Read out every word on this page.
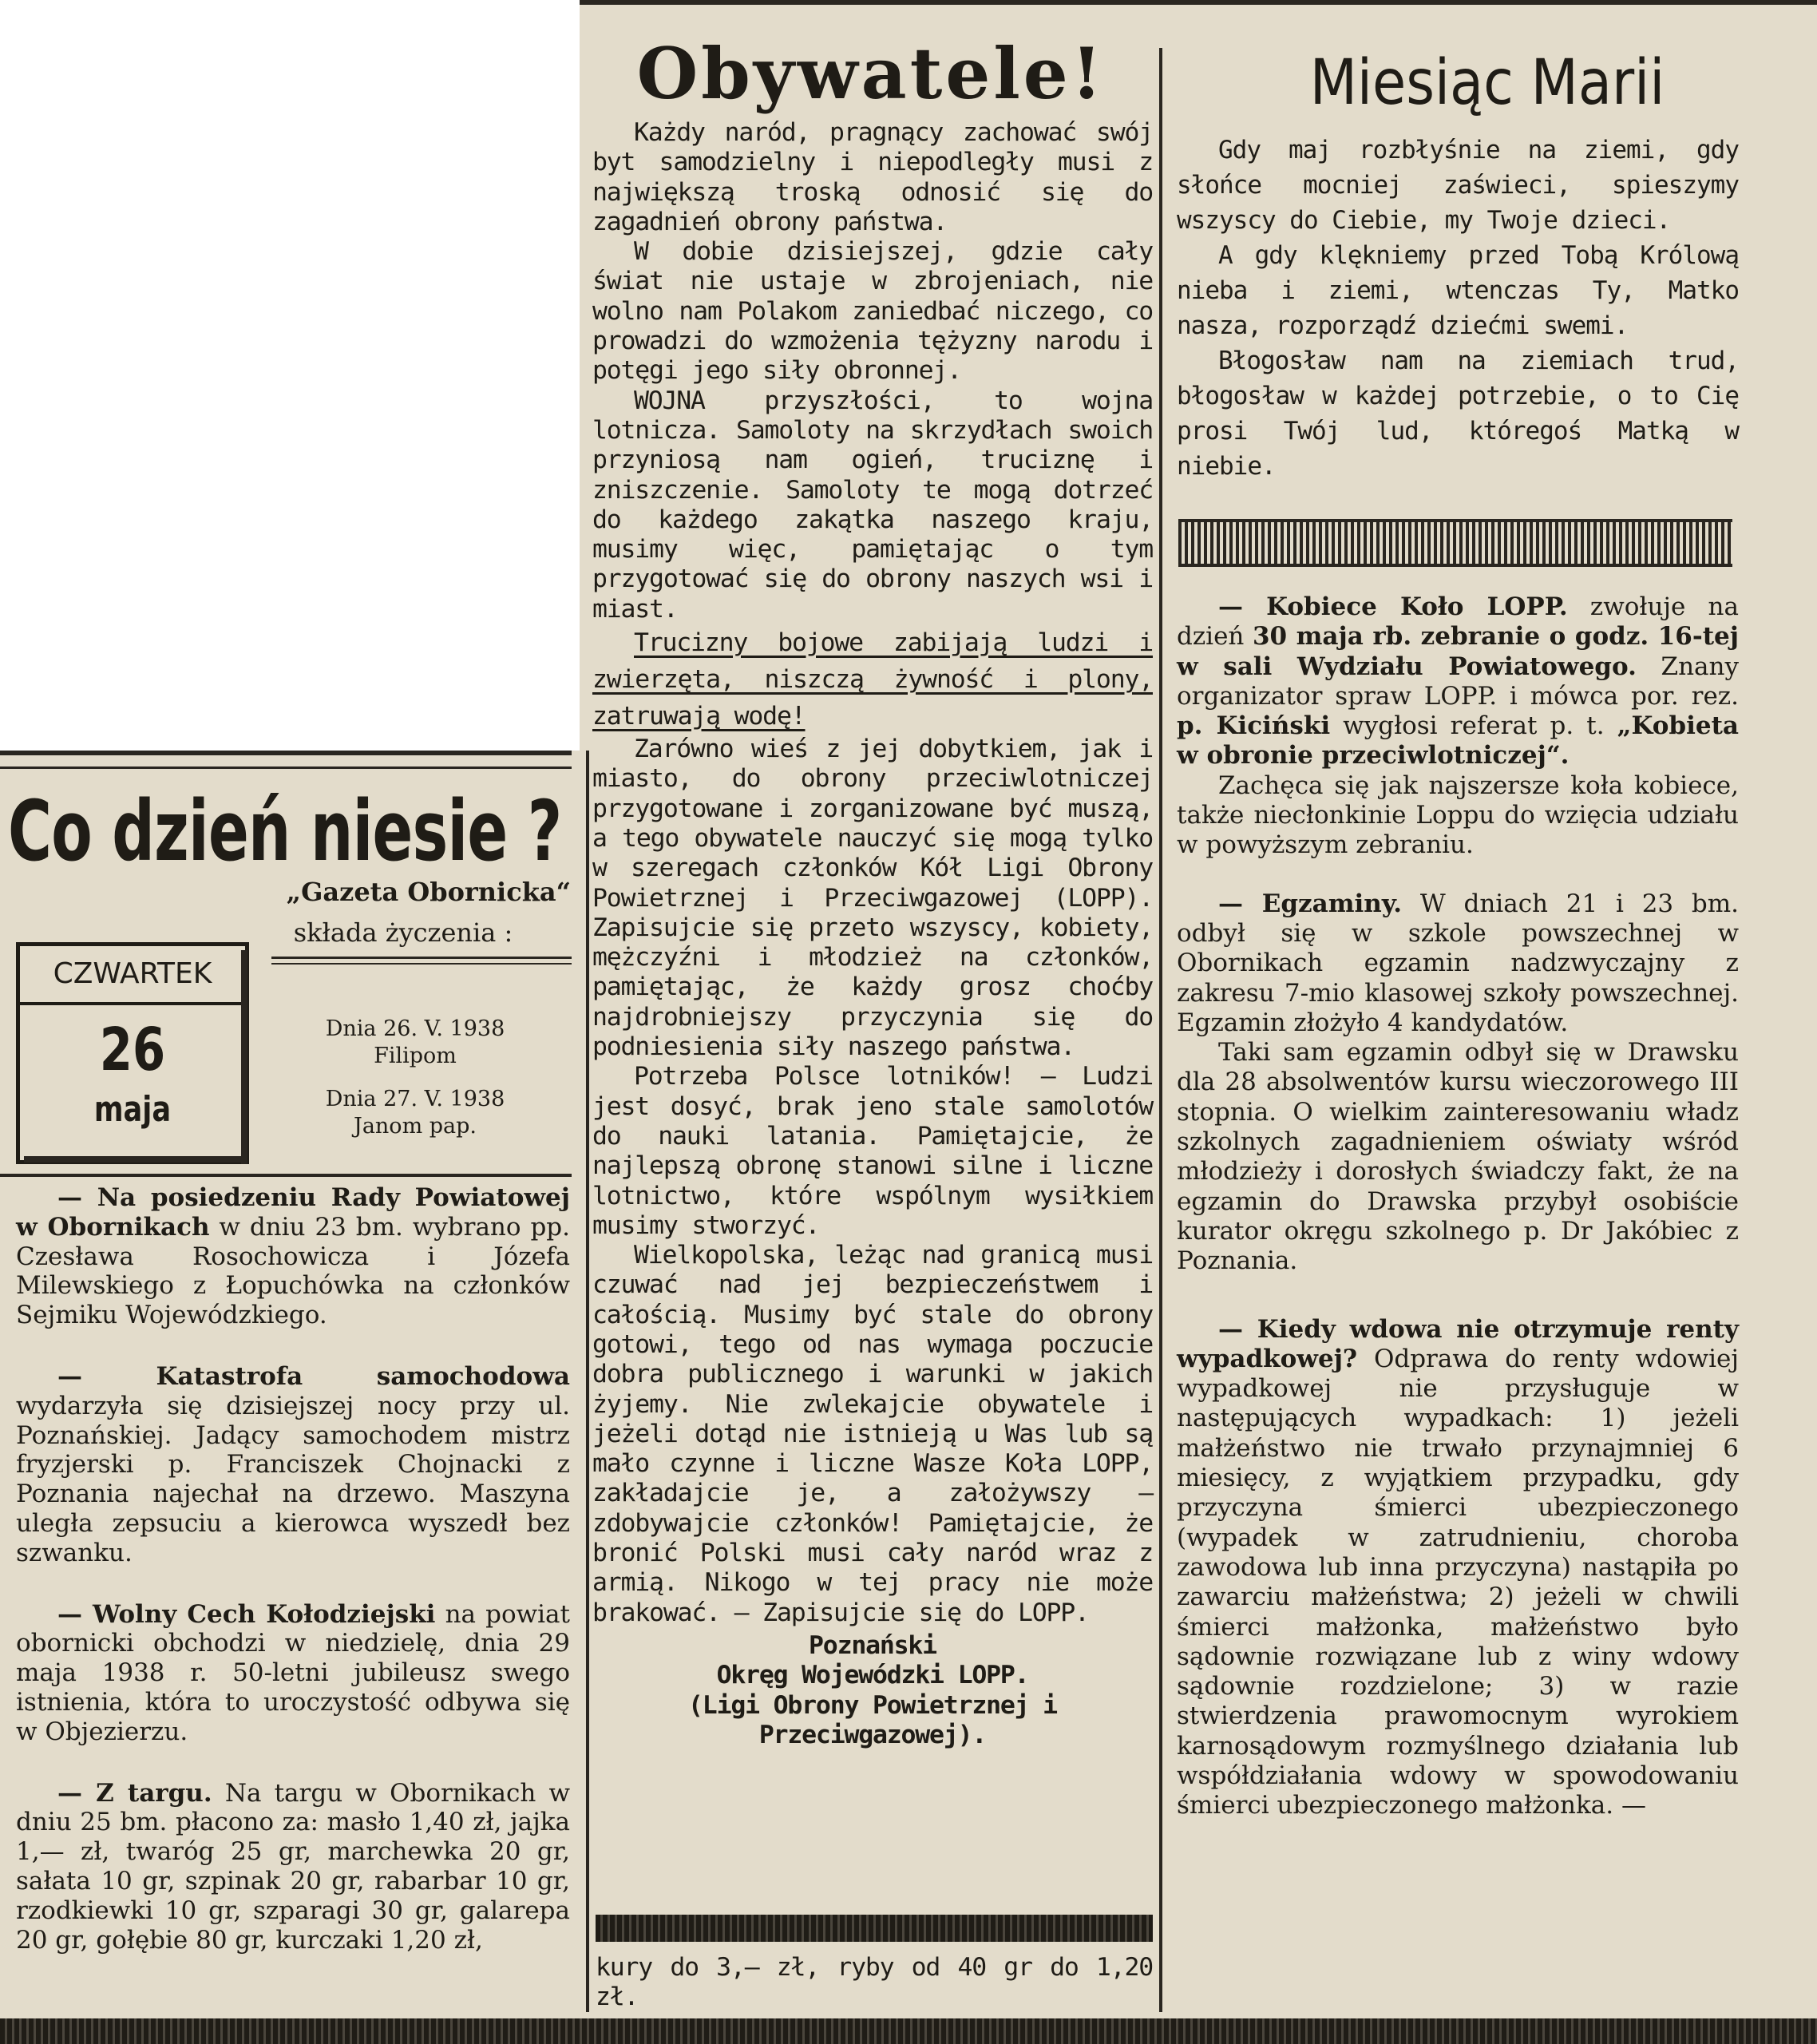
Co dzień niesie ?
„Gazeta Obornicka“
składa życzenia :
CZWARTEK
26
maja
Dnia 26. V. 1938
Filipom
Dnia 27. V. 1938
Janom pap.

— Na posiedzeniu Rady Powiatowej w Obornikach w dniu 23 bm. wybrano pp. Czesława Rosochowicza i Józefa Milewskiego z Łopuchówka na członków Sejmiku Wojewódzkiego.

— Katastrofa samochodowa wydarzyła się dzisiejszej nocy przy ul. Poznańskiej. Jadący samochodem mistrz fryzjerski p. Franciszek Chojnacki z Poznania najechał na drzewo. Maszyna uległa zepsuciu a kierowca wyszedł bez szwanku.

— Wolny Cech Kołodziejski na powiat obornicki obchodzi w niedzielę, dnia 29 maja 1938 r. 50-letni jubileusz swego istnienia, która to uroczystość odbywa się w Objezierzu.

— Z targu. Na targu w Obornikach w dniu 25 bm. płacono za: masło 1,40 zł, jajka 1,— zł, twaróg 25 gr, marchewka 20 gr, sałata 10 gr, szpinak 20 gr, rabarbar 10 gr, rzodkiewki 10 gr, szparagi 30 gr, galarepa 20 gr, gołębie 80 gr, kurczaki 1,20 zł,

Obywatele!

Każdy naród, pragnący zachować swój byt samodzielny i niepodległy musi z największą troską odnosić się do zagadnień obrony państwa.

W dobie dzisiejszej, gdzie cały świat nie ustaje w zbrojeniach, nie wolno nam Polakom zaniedbać niczego, co prowadzi do wzmożenia tężyzny narodu i potęgi jego siły obronnej.

WOJNA przyszłości, to wojna lotnicza. Samoloty na skrzydłach swoich przyniosą nam ogień, truciznę i zniszczenie. Samoloty te mogą dotrzeć do każdego zakątka naszego kraju, musimy więc, pamiętając o tym przygotować się do obrony naszych wsi i miast.

Trucizny bojowe zabijają ludzi i zwierzęta, niszczą żywność i plony, zatruwają wodę!

Zarówno wieś z jej dobytkiem, jak i miasto, do obrony przeciwlotniczej przygotowane i zorganizowane być muszą, a tego obywatele nauczyć się mogą tylko w szeregach członków Kół Ligi Obrony Powietrznej i Przeciwgazowej (LOPP). Zapisujcie się przeto wszyscy, kobiety, mężczyźni i młodzież na członków, pamiętając, że każdy grosz choćby najdrobniejszy przyczynia się do podniesienia siły naszego państwa.

Potrzeba Polsce lotników! — Ludzi jest dosyć, brak jeno stale samolotów do nauki latania. Pamiętajcie, że najlepszą obronę stanowi silne i liczne lotnictwo, które wspólnym wysiłkiem musimy stworzyć.

Wielkopolska, leżąc nad granicą musi czuwać nad jej bezpieczeństwem i całością. Musimy być stale do obrony gotowi, tego od nas wymaga poczucie dobra publicznego i warunki w jakich żyjemy. Nie zwlekajcie obywatele i jeżeli dotąd nie istnieją u Was lub są mało czynne i liczne Wasze Koła LOPP, zakładajcie je, a założywszy — zdobywajcie członków! Pamiętajcie, że bronić Polski musi cały naród wraz z armią. Nikogo w tej pracy nie może brakować. — Zapisujcie się do LOPP.

Poznański
Okręg Wojewódzki LOPP.
(Ligi Obrony Powietrznej i Przeciwgazowej).

kury do 3,— zł, ryby od 40 gr do 1,20 zł.

Miesiąc Marii

Gdy maj rozbłyśnie na ziemi, gdy słońce mocniej zaświeci, spieszymy wszyscy do Ciebie, my Twoje dzieci.

A gdy klękniemy przed Tobą Królową nieba i ziemi, wtenczas Ty, Matko nasza, rozporządź dziećmi swemi.

Błogosław nam na ziemiach trud, błogosław w każdej potrzebie, o to Cię prosi Twój lud, któregoś Matką w niebie.

— Kobiece Koło LOPP. zwołuje na dzień 30 maja rb. zebranie o godz. 16-tej w sali Wydziału Powiatowego. Znany organizator spraw LOPP. i mówca por. rez. p. Kiciński wygłosi referat p. t. „Kobieta w obronie przeciwlotniczej“.

Zachęca się jak najszersze koła kobiece, także niecłonkinie Loppu do wzięcia udziału w powyższym zebraniu.

— Egzaminy. W dniach 21 i 23 bm. odbył się w szkole powszechnej w Obornikach egzamin nadzwyczajny z zakresu 7-mio klasowej szkoły powszechnej. Egzamin złożyło 4 kandydatów.

Taki sam egzamin odbył się w Drawsku dla 28 absolwentów kursu wieczorowego III stopnia. O wielkim zainteresowaniu władz szkolnych zagadnieniem oświaty wśród młodzieży i dorosłych świadczy fakt, że na egzamin do Drawska przybył osobiście kurator okręgu szkolnego p. Dr Jakóbiec z Poznania.

— Kiedy wdowa nie otrzymuje renty wypadkowej? Odprawa do renty wdowiej wypadkowej nie przysługuje w następujących wypadkach: 1) jeżeli małżeństwo nie trwało przynajmniej 6 miesięcy, z wyjątkiem przypadku, gdy przyczyna śmierci ubezpieczonego (wypadek w zatrudnieniu, choroba zawodowa lub inna przyczyna) nastąpiła po zawarciu małżeństwa; 2) jeżeli w chwili śmierci małżonka, małżeństwo było sądownie rozwiązane lub z winy wdowy sądownie rozdzielone; 3) w razie stwierdzenia prawomocnym wyrokiem karnosądowym rozmyślnego działania lub współdziałania wdowy w spowodowaniu śmierci ubezpieczonego małżonka. —
